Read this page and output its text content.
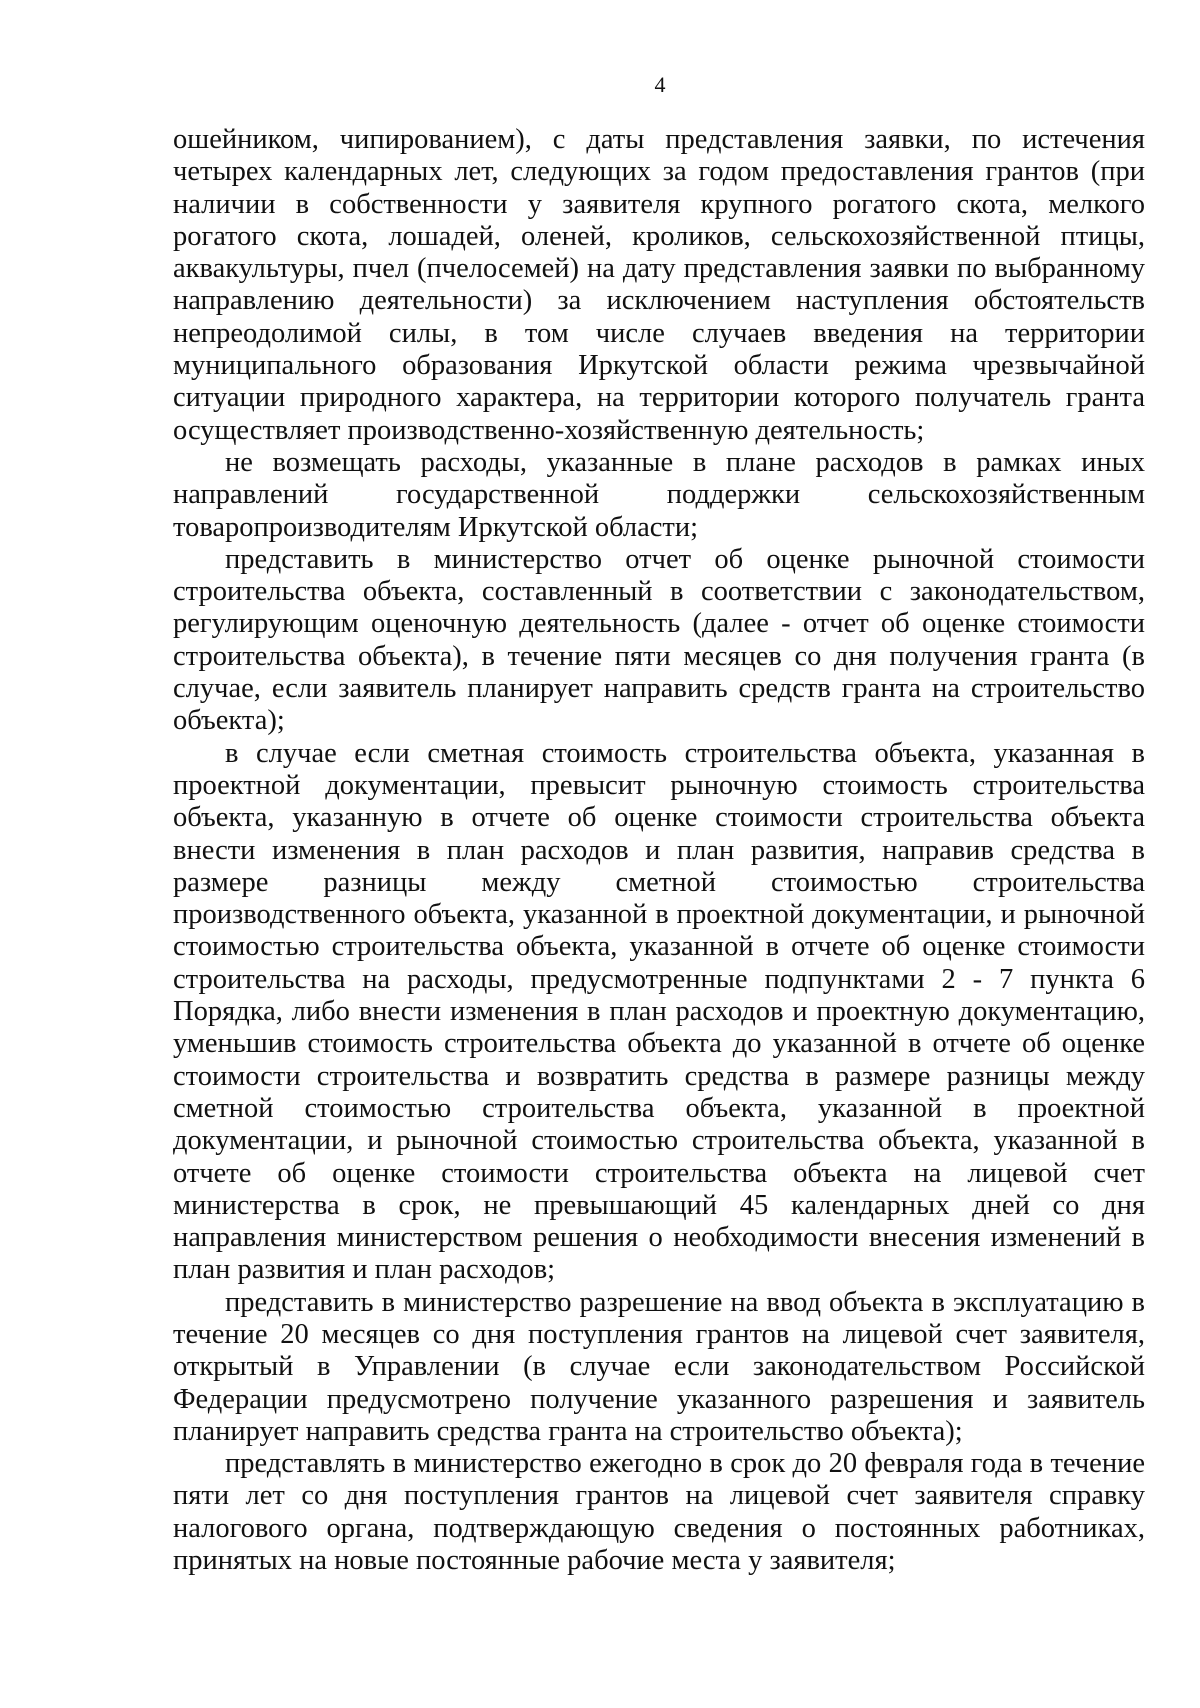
4

ошейником, чипированием), с даты представления заявки, по истечения четырех календарных лет, следующих за годом предоставления грантов (при наличии в собственности у заявителя крупного рогатого скота, мелкого рогатого скота, лошадей, оленей, кроликов, сельскохозяйственной птицы, аквакультуры, пчел (пчелосемей) на дату представления заявки по выбранному направлению деятельности) за исключением наступления обстоятельств непреодолимой силы, в том числе случаев введения на территории муниципального образования Иркутской области режима чрезвычайной ситуации природного характера, на территории которого получатель гранта осуществляет производственно-хозяйственную деятельность;

не возмещать расходы, указанные в плане расходов в рамках иных направлений государственной поддержки сельскохозяйственным товаропроизводителям Иркутской области;

представить в министерство отчет об оценке рыночной стоимости строительства объекта, составленный в соответствии с законодательством, регулирующим оценочную деятельность (далее - отчет об оценке стоимости строительства объекта), в течение пяти месяцев со дня получения гранта (в случае, если заявитель планирует направить средств гранта на строительство объекта);

в случае если сметная стоимость строительства объекта, указанная в проектной документации, превысит рыночную стоимость строительства объекта, указанную в отчете об оценке стоимости строительства объекта внести изменения в план расходов и план развития, направив средства в размере разницы между сметной стоимостью строительства производственного объекта, указанной в проектной документации, и рыночной стоимостью строительства объекта, указанной в отчете об оценке стоимости строительства на расходы, предусмотренные подпунктами 2 - 7 пункта 6 Порядка, либо внести изменения в план расходов и проектную документацию, уменьшив стоимость строительства объекта до указанной в отчете об оценке стоимости строительства и возвратить средства в размере разницы между сметной стоимостью строительства объекта, указанной в проектной документации, и рыночной стоимостью строительства объекта, указанной в отчете об оценке стоимости строительства объекта на лицевой счет министерства в срок, не превышающий 45 календарных дней со дня направления министерством решения о необходимости внесения изменений в план развития и план расходов;

представить в министерство разрешение на ввод объекта в эксплуатацию в течение 20 месяцев со дня поступления грантов на лицевой счет заявителя, открытый в Управлении (в случае если законодательством Российской Федерации предусмотрено получение указанного разрешения и заявитель планирует направить средства гранта на строительство объекта);

представлять в министерство ежегодно в срок до 20 февраля года в течение пяти лет со дня поступления грантов на лицевой счет заявителя справку налогового органа, подтверждающую сведения о постоянных работниках, принятых на новые постоянные рабочие места у заявителя;
